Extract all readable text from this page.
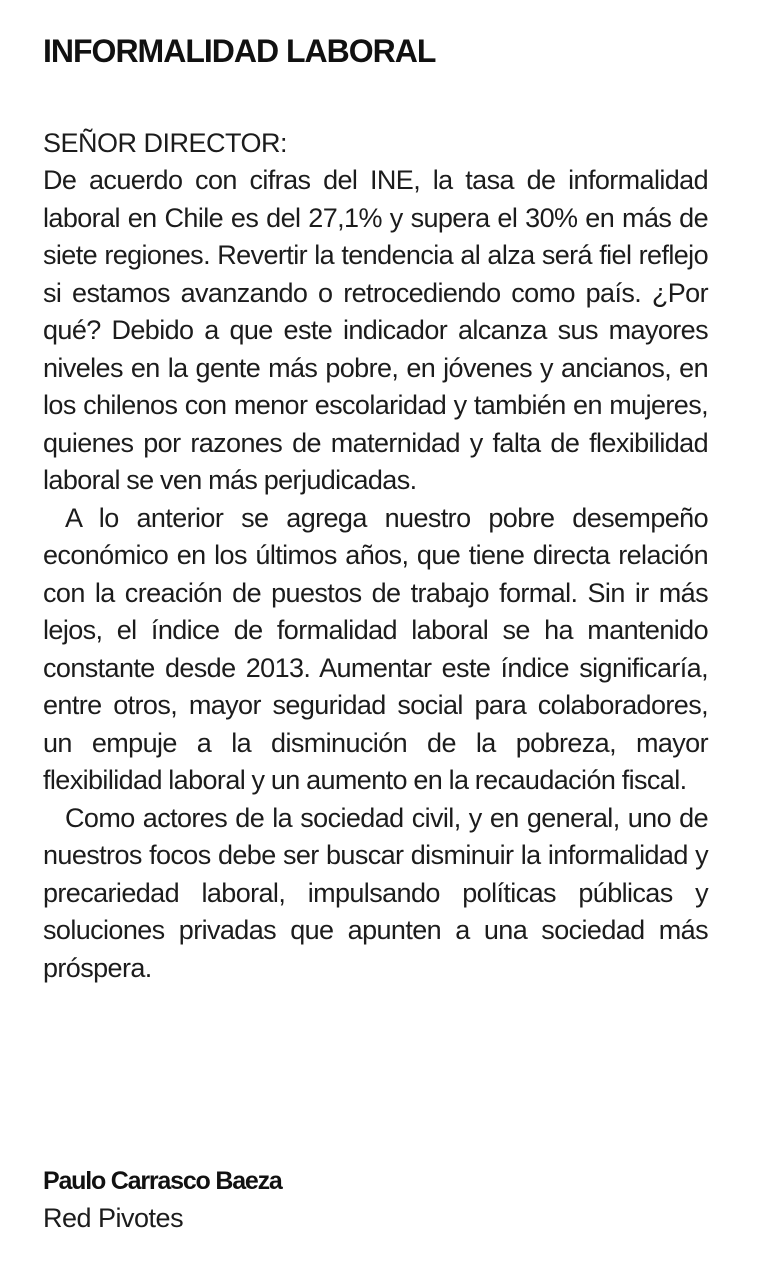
INFORMALIDAD LABORAL

SEÑOR DIRECTOR:

De acuerdo con cifras del INE, la tasa de informalidad laboral en Chile es del 27,1% y supera el 30% en más de siete regiones. Revertir la tendencia al alza será fiel reflejo si estamos avanzando o retrocediendo como país. ¿Por qué? Debido a que este indicador alcanza sus mayores niveles en la gente más pobre, en jóvenes y ancianos, en los chilenos con menor escolaridad y también en mujeres, quienes por razones de maternidad y falta de flexibilidad laboral se ven más perjudicadas.

A lo anterior se agrega nuestro pobre desempeño económico en los últimos años, que tiene directa relación con la creación de puestos de trabajo formal. Sin ir más lejos, el índice de formalidad laboral se ha mantenido constante desde 2013. Aumentar este índice significaría, entre otros, mayor seguridad social para colaboradores, un empuje a la disminución de la pobreza, mayor flexibilidad laboral y un aumento en la recaudación fiscal.

Como actores de la sociedad civil, y en general, uno de nuestros focos debe ser buscar disminuir la informalidad y precariedad laboral, impulsando políticas públicas y soluciones privadas que apunten a una sociedad más próspera.

Paulo Carrasco Baeza

Red Pivotes
